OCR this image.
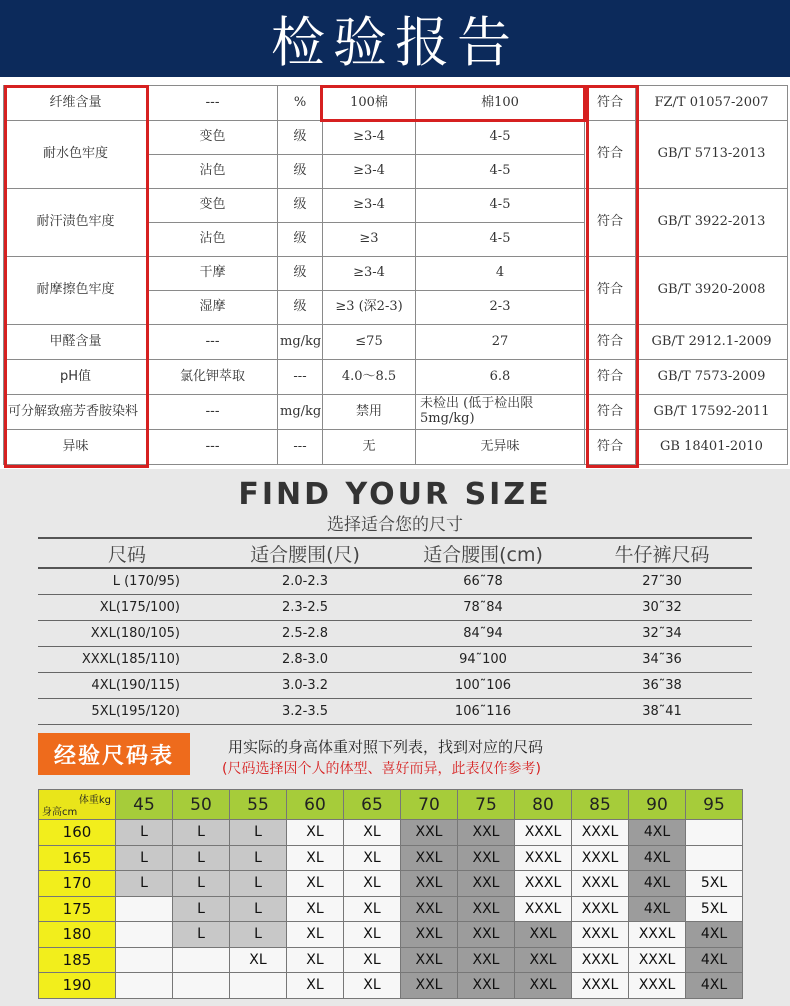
检验报告
纤维含量	---	%	100棉	棉100	符合	FZ/T 01057-2007
耐水色牢度	变色	级	≥3-4	4-5	符合	GB/T 5713-2013
	沾色	级	≥3-4	4-5		
耐汗渍色牢度	变色	级	≥3-4	4-5	符合	GB/T 3922-2013
	沾色	级	≥3	4-5		
耐摩擦色牢度	干摩	级	≥3-4	4	符合	GB/T 3920-2008
	湿摩	级	≥3 (深2-3)	2-3		
甲醛含量	---	mg/kg	≤75	27	符合	GB/T 2912.1-2009
pH值	氯化钾萃取	---	4.0～8.5	6.8	符合	GB/T 7573-2009
可分解致癌芳香胺染料	---	mg/kg	禁用	未检出 (低于检出限5mg/kg)	符合	GB/T 17592-2011
异味	---	---	无	无异味	符合	GB 18401-2010
FIND YOUR SIZE
选择适合您的尺寸
尺码	适合腰围(尺)	适合腰围(cm)	牛仔裤尺码
L (170/95)	2.0-2.3	66˜78	27˜30
XL(175/100)	2.3-2.5	78˜84	30˜32
XXL(180/105)	2.5-2.8	84˜94	32˜34
XXXL(185/110)	2.8-3.0	94˜100	34˜36
4XL(190/115)	3.0-3.2	100˜106	36˜38
5XL(195/120)	3.2-3.5	106˜116	38˜41
经验尺码表	用实际的身高体重对照下列表，找到对应的尺码
(尺码选择因个人的体型、喜好而异，此表仅作参考)
体重kg
身高cm	45	50	55	60	65	70	75	80	85	90	95
160	L	L	L	XL	XL	XXL	XXL	XXXL	XXXL	4XL	
165	L	L	L	XL	XL	XXL	XXL	XXXL	XXXL	4XL	
170	L	L	L	XL	XL	XXL	XXL	XXXL	XXXL	4XL	5XL
175		L	L	XL	XL	XXL	XXL	XXXL	XXXL	4XL	5XL
180		L	L	XL	XL	XXL	XXL	XXL	XXXL	XXXL	4XL
185			XL	XL	XL	XXL	XXL	XXL	XXXL	XXXL	4XL
190				XL	XL	XXL	XXL	XXL	XXXL	XXXL	4XL
